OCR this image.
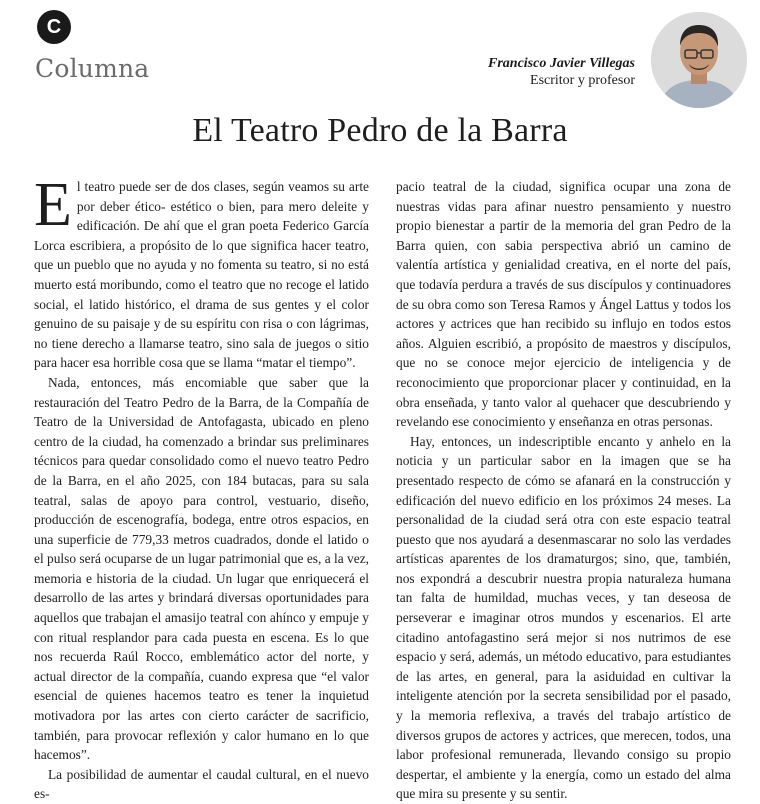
C
Columna	Francisco Javier Villegas
Escritor y profesor
El Teatro Pedro de la Barra

El teatro puede ser de dos clases, según veamos su arte por deber ético- estético o bien, para mero deleite y edificación. De ahí que el gran poeta Federico García Lorca escribiera, a propósito de lo que significa hacer teatro, que un pueblo que no ayuda y no fomenta su teatro, si no está muerto está moribundo, como el teatro que no recoge el latido social, el latido histórico, el drama de sus gentes y el color genuino de su paisaje y de su espíritu con risa o con lágrimas, no tiene derecho a llamarse teatro, sino sala de juegos o sitio para hacer esa horrible cosa que se llama “matar el tiempo”.

Nada, entonces, más encomiable que saber que la restauración del Teatro Pedro de la Barra, de la Compañía de Teatro de la Universidad de Antofagasta, ubicado en pleno centro de la ciudad, ha comenzado a brindar sus preliminares técnicos para quedar consolidado como el nuevo teatro Pedro de la Barra, en el año 2025, con 184 butacas, para su sala teatral, salas de apoyo para control, vestuario, diseño, producción de escenografía, bodega, entre otros espacios, en una superficie de 779,33 metros cuadrados, donde el latido o el pulso será ocuparse de un lugar patrimonial que es, a la vez, memoria e historia de la ciudad. Un lugar que enriquecerá el desarrollo de las artes y brindará diversas oportunidades para aquellos que trabajan el amasijo teatral con ahínco y empuje y con ritual resplandor para cada puesta en escena. Es lo que nos recuerda Raúl Rocco, emblemático actor del norte, y actual director de la compañía, cuando expresa que “el valor esencial de quienes hacemos teatro es tener la inquietud motivadora por las artes con cierto carácter de sacrificio, también, para provocar reflexión y calor humano en lo que hacemos”.

La posibilidad de aumentar el caudal cultural, en el nuevo es-

pacio teatral de la ciudad, significa ocupar una zona de nuestras vidas para afinar nuestro pensamiento y nuestro propio bienestar a partir de la memoria del gran Pedro de la Barra quien, con sabia perspectiva abrió un camino de valentía artística y genialidad creativa, en el norte del país, que todavía perdura a través de sus discípulos y continuadores de su obra como son Teresa Ramos y Ángel Lattus y todos los actores y actrices que han recibido su influjo en todos estos años. Alguien escribió, a propósito de maestros y discípulos, que no se conoce mejor ejercicio de inteligencia y de reconocimiento que proporcionar placer y continuidad, en la obra enseñada, y tanto valor al quehacer que descubriendo y revelando ese conocimiento y enseñanza en otras personas.

Hay, entonces, un indescriptible encanto y anhelo en la noticia y un particular sabor en la imagen que se ha presentado respecto de cómo se afanará en la construcción y edificación del nuevo edificio en los próximos 24 meses. La personalidad de la ciudad será otra con este espacio teatral puesto que nos ayudará a desenmascarar no solo las verdades artísticas aparentes de los dramaturgos; sino, que, también, nos expondrá a descubrir nuestra propia naturaleza humana tan falta de humildad, muchas veces, y tan deseosa de perseverar e imaginar otros mundos y escenarios. El arte citadino antofagastino será mejor si nos nutrimos de ese espacio y será, además, un método educativo, para estudiantes de las artes, en general, para la asiduidad en cultivar la inteligente atención por la secreta sensibilidad por el pasado, y la memoria reflexiva, a través del trabajo artístico de diversos grupos de actores y actrices, que merecen, todos, una labor profesional remunerada, llevando consigo su propio despertar, el ambiente y la energía, como un estado del alma que mira su presente y su sentir.
